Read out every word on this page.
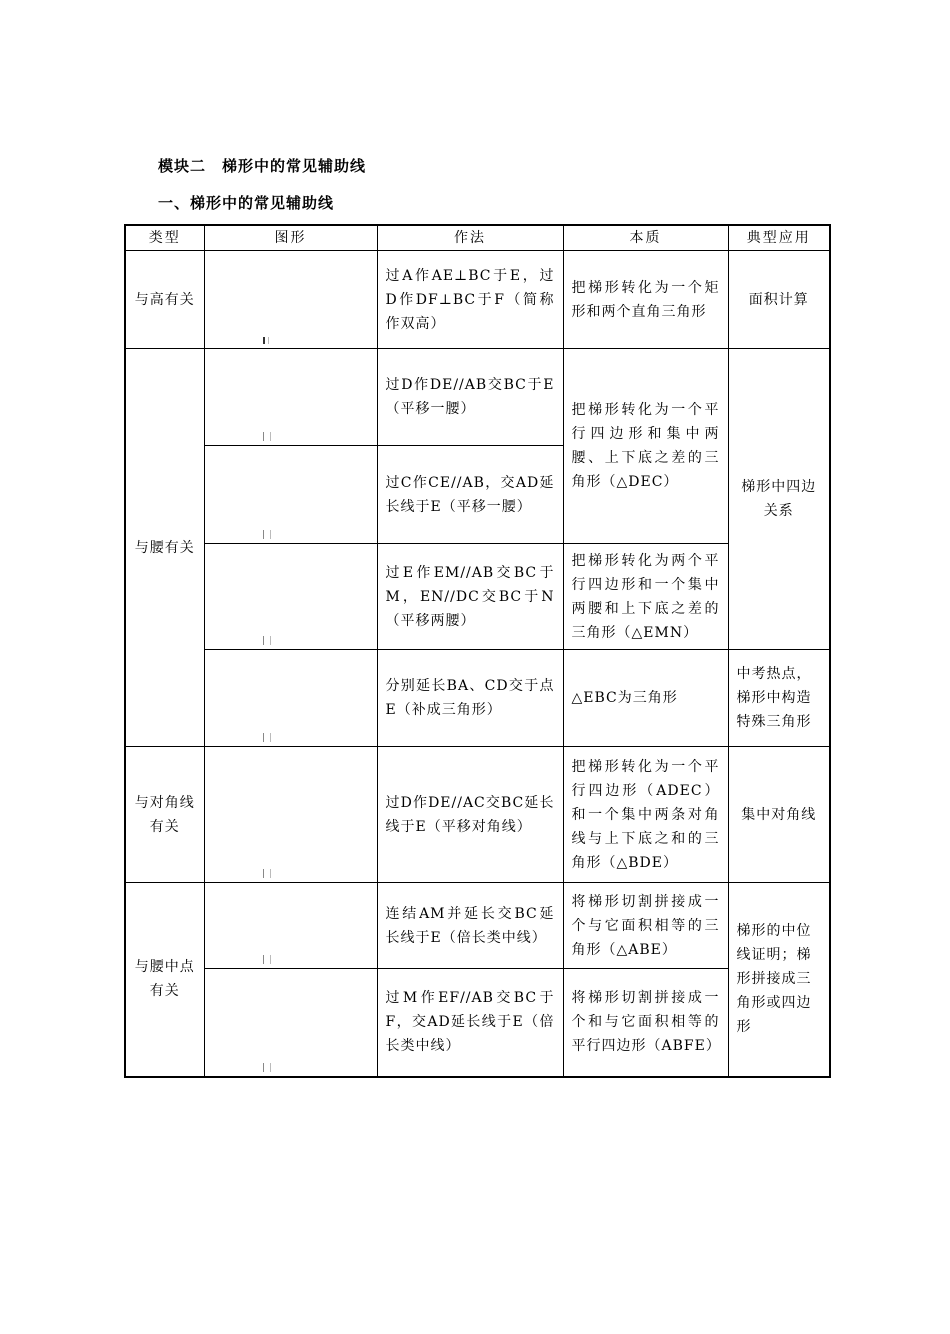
模块二　梯形中的常见辅助线
一、梯形中的常见辅助线
类型	图形	作法	本质	典型应用
与高有关		过A作AE⊥BC于E，过D作DF⊥BC于F（简称作双高）	把梯形转化为一个矩形和两个直角三角形	面积计算
与腰有关		过D作DE//AB交BC于E（平移一腰）	把梯形转化为一个平行四边形和集中两腰、上下底之差的三角形（△DEC）	梯形中四边关系

		过C作CE//AB，交AD延长线于E（平移一腰）		

		过E作EM//AB交BC于M，EN//DC交BC于N（平移两腰）	把梯形转化为两个平行四边形和一个集中两腰和上下底之差的三角形（△EMN）	

		分别延长BA、CD交于点E（补成三角形）	△EBC为三角形	中考热点，梯形中构造特殊三角形
与对角线有关		过D作DE//AC交BC延长线于E（平移对角线）	把梯形转化为一个平行四边形（ADEC）和一个集中两条对角线与上下底之和的三角形（△BDE）	集中对角线
与腰中点有关		连结AM并延长交BC延长线于E（倍长类中线）	将梯形切割拼接成一个与它面积相等的三角形（△ABE）	梯形的中位线证明；梯形拼接成三角形或四边形

		过M作EF//AB交BC于F，交AD延长线于E（倍长类中线）	将梯形切割拼接成一个和与它面积相等的平行四边形（ABFE）	
